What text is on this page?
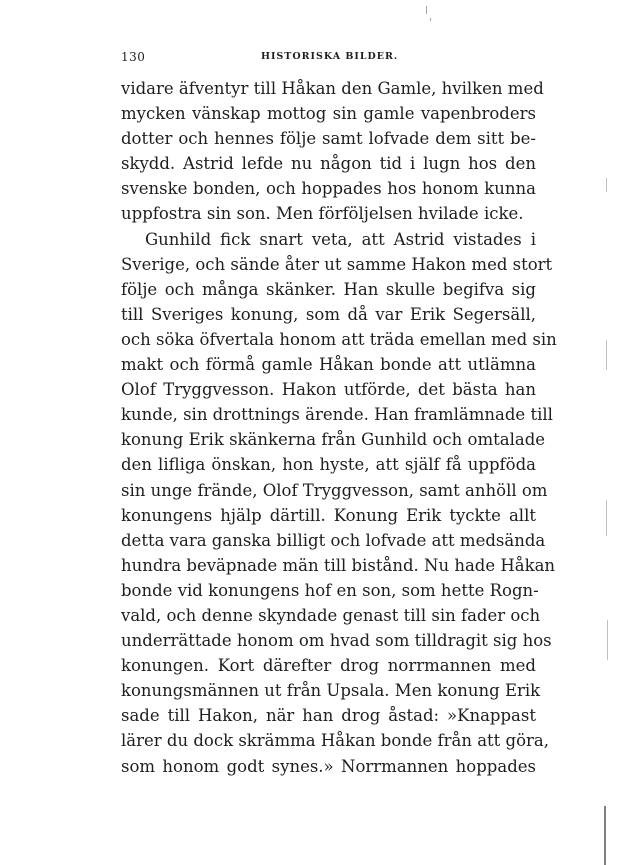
130	HISTORISKA BILDER.
vidare äfventyr till Håkan den Gamle, hvilken med
mycken vänskap mottog sin gamle vapenbroders
dotter och hennes följe samt lofvade dem sitt be-
skydd. Astrid lefde nu någon tid i lugn hos den
svenske bonden, och hoppades hos honom kunna
uppfostra sin son. Men förföljelsen hvilade icke.
Gunhild fick snart veta, att Astrid vistades i
Sverige, och sände åter ut samme Hakon med stort
följe och många skänker. Han skulle begifva sig
till Sveriges konung, som då var Erik Segersäll,
och söka öfvertala honom att träda emellan med sin
makt och förmå gamle Håkan bonde att utlämna
Olof Tryggvesson. Hakon utförde, det bästa han
kunde, sin drottnings ärende. Han framlämnade till
konung Erik skänkerna från Gunhild och omtalade
den lifliga önskan, hon hyste, att själf få uppföda
sin unge frände, Olof Tryggvesson, samt anhöll om
konungens hjälp därtill. Konung Erik tyckte allt
detta vara ganska billigt och lofvade att medsända
hundra beväpnade män till bistånd. Nu hade Håkan
bonde vid konungens hof en son, som hette Rogn-
vald, och denne skyndade genast till sin fader och
underrättade honom om hvad som tilldragit sig hos
konungen. Kort därefter drog norrmannen med
konungsmännen ut från Upsala. Men konung Erik
sade till Hakon, när han drog åstad: »Knappast
lärer du dock skrämma Håkan bonde från att göra,
som honom godt synes.» Norrmannen hoppades
